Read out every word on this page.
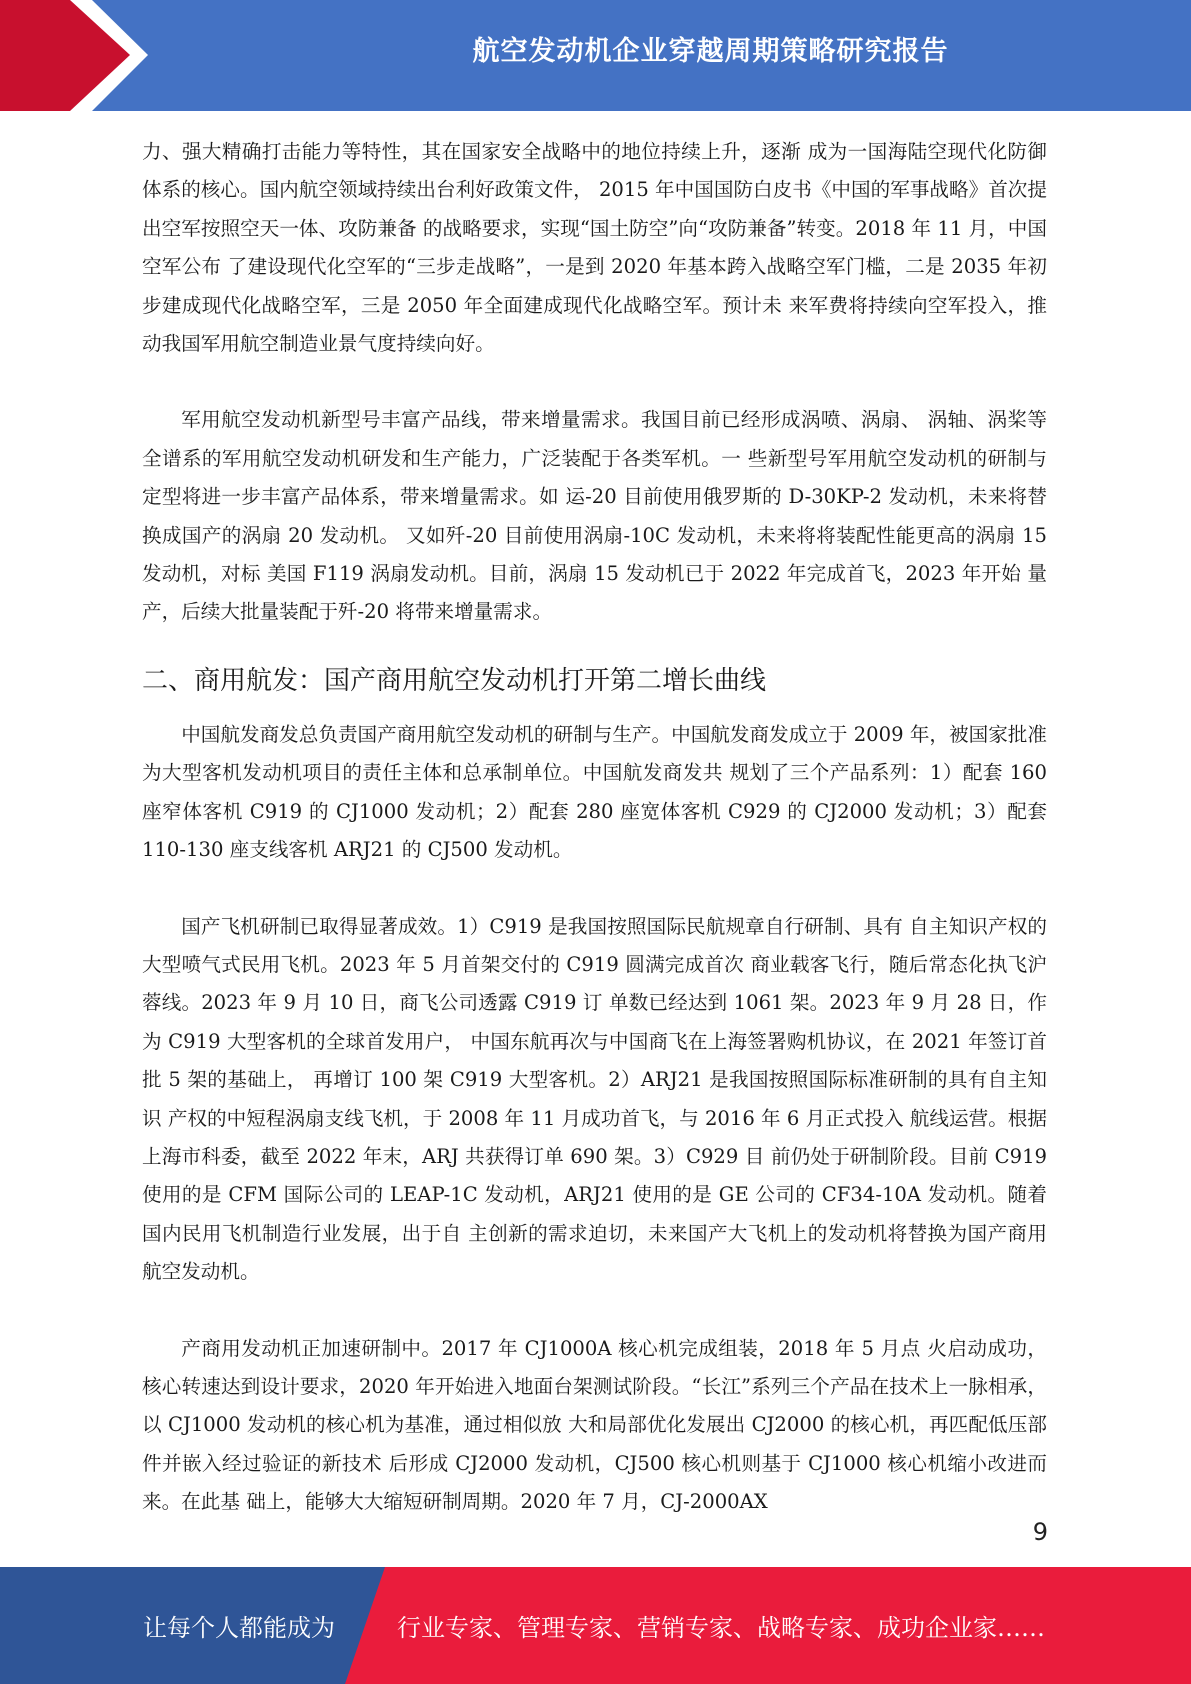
航空发动机企业穿越周期策略研究报告

力、强大精确打击能力等特性，其在国家安全战略中的地位持续上升，逐渐 成为一国海陆空现代化防御体系的核心。国内航空领域持续出台利好政策文件， 2015 年中国国防白皮书《中国的军事战略》首次提出空军按照空天一体、攻防兼备 的战略要求，实现“国土防空”向“攻防兼备”转变。2018 年 11 月，中国空军公布 了建设现代化空军的“三步走战略”，一是到 2020 年基本跨入战略空军门槛，二是 2035 年初步建成现代化战略空军，三是 2050 年全面建成现代化战略空军。预计未 来军费将持续向空军投入，推动我国军用航空制造业景气度持续向好。

军用航空发动机新型号丰富产品线，带来增量需求。我国目前已经形成涡喷、涡扇、 涡轴、涡桨等全谱系的军用航空发动机研发和生产能力，广泛装配于各类军机。一 些新型号军用航空发动机的研制与定型将进一步丰富产品体系，带来增量需求。如 运-20 目前使用俄罗斯的 D-30KP-2 发动机，未来将替换成国产的涡扇 20 发动机。 又如歼-20 目前使用涡扇-10C 发动机，未来将将装配性能更高的涡扇 15 发动机，对标 美国 F119 涡扇发动机。目前，涡扇 15 发动机已于 2022 年完成首飞，2023 年开始 量产，后续大批量装配于歼-20 将带来增量需求。

二、商用航发：国产商用航空发动机打开第二增长曲线

中国航发商发总负责国产商用航空发动机的研制与生产。中国航发商发成立于 2009 年，被国家批准为大型客机发动机项目的责任主体和总承制单位。中国航发商发共 规划了三个产品系列：1）配套 160 座窄体客机 C919 的 CJ1000 发动机；2）配套 280 座宽体客机 C929 的 CJ2000 发动机；3）配套 110-130 座支线客机 ARJ21 的 CJ500 发动机。

国产飞机研制已取得显著成效。1）C919 是我国按照国际民航规章自行研制、具有 自主知识产权的大型喷气式民用飞机。2023 年 5 月首架交付的 C919 圆满完成首次 商业载客飞行，随后常态化执飞沪蓉线。2023 年 9 月 10 日，商飞公司透露 C919 订 单数已经达到 1061 架。2023 年 9 月 28 日，作为 C919 大型客机的全球首发用户， 中国东航再次与中国商飞在上海签署购机协议，在 2021 年签订首批 5 架的基础上， 再增订 100 架 C919 大型客机。2）ARJ21 是我国按照国际标准研制的具有自主知识 产权的中短程涡扇支线飞机，于 2008 年 11 月成功首飞，与 2016 年 6 月正式投入 航线运营。根据上海市科委，截至 2022 年末，ARJ 共获得订单 690 架。3）C929 目 前仍处于研制阶段。目前 C919 使用的是 CFM 国际公司的 LEAP-1C 发动机，ARJ21 使用的是 GE 公司的 CF34-10A 发动机。随着国内民用飞机制造行业发展，出于自 主创新的需求迫切，未来国产大飞机上的发动机将替换为国产商用航空发动机。

产商用发动机正加速研制中。2017 年 CJ1000A 核心机完成组装，2018 年 5 月点 火启动成功，核心转速达到设计要求，2020 年开始进入地面台架测试阶段。“长江”系列三个产品在技术上一脉相承，以 CJ1000 发动机的核心机为基准，通过相似放 大和局部优化发展出 CJ2000 的核心机，再匹配低压部件并嵌入经过验证的新技术 后形成 CJ2000 发动机，CJ500 核心机则基于 CJ1000 核心机缩小改进而来。在此基 础上，能够大大缩短研制周期。2020 年 7 月，CJ-2000AX

9
让每个人都能成为	行业专家、管理专家、营销专家、战略专家、成功企业家……
